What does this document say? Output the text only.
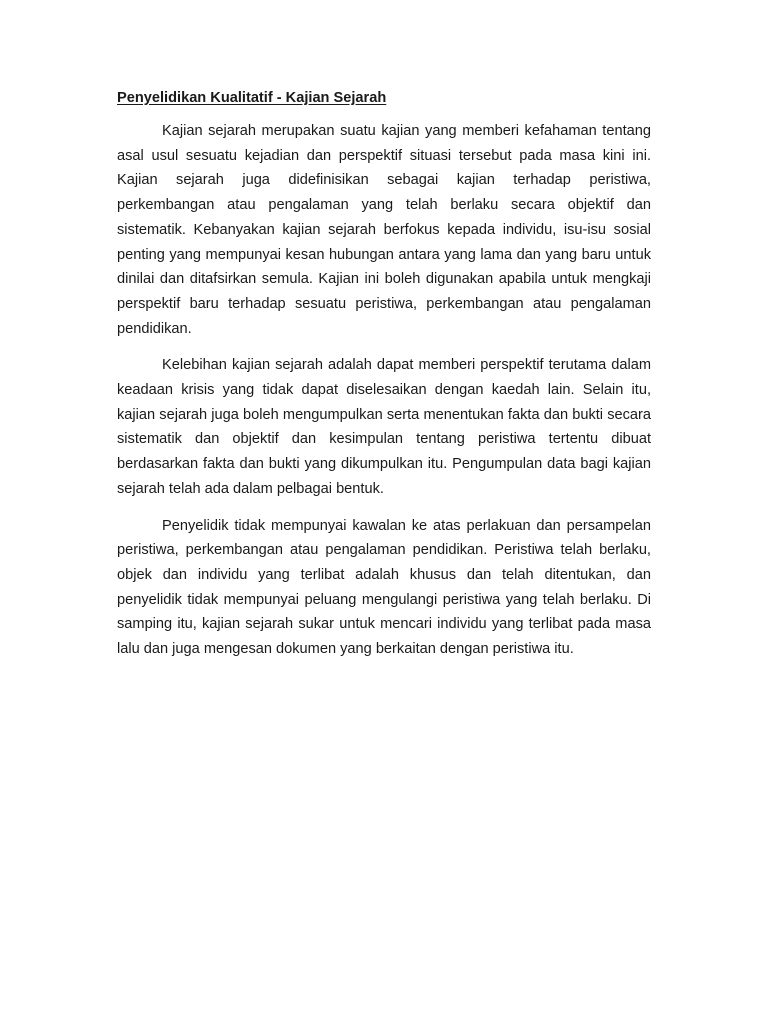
Penyelidikan Kualitatif - Kajian Sejarah

Kajian sejarah merupakan suatu kajian yang memberi kefahaman tentang asal usul sesuatu kejadian dan perspektif situasi tersebut pada masa kini ini. Kajian sejarah juga didefinisikan sebagai kajian terhadap peristiwa, perkembangan atau pengalaman yang telah berlaku secara objektif dan sistematik. Kebanyakan kajian sejarah berfokus kepada individu, isu-isu sosial penting yang mempunyai kesan hubungan antara yang lama dan yang baru untuk dinilai dan ditafsirkan semula. Kajian ini boleh digunakan apabila untuk mengkaji perspektif baru terhadap sesuatu peristiwa, perkembangan atau pengalaman pendidikan.

Kelebihan kajian sejarah adalah dapat memberi perspektif terutama dalam keadaan krisis yang tidak dapat diselesaikan dengan kaedah lain. Selain itu, kajian sejarah juga boleh mengumpulkan serta menentukan fakta dan bukti secara sistematik dan objektif dan kesimpulan tentang peristiwa tertentu dibuat berdasarkan fakta dan bukti yang dikumpulkan itu. Pengumpulan data bagi kajian sejarah telah ada dalam pelbagai bentuk.

Penyelidik tidak mempunyai kawalan ke atas perlakuan dan persampelan peristiwa, perkembangan atau pengalaman pendidikan. Peristiwa telah berlaku, objek dan individu yang terlibat adalah khusus dan telah ditentukan, dan penyelidik tidak mempunyai peluang mengulangi peristiwa yang telah berlaku. Di samping itu, kajian sejarah sukar untuk mencari individu yang terlibat pada masa lalu dan juga mengesan dokumen yang berkaitan dengan peristiwa itu.
